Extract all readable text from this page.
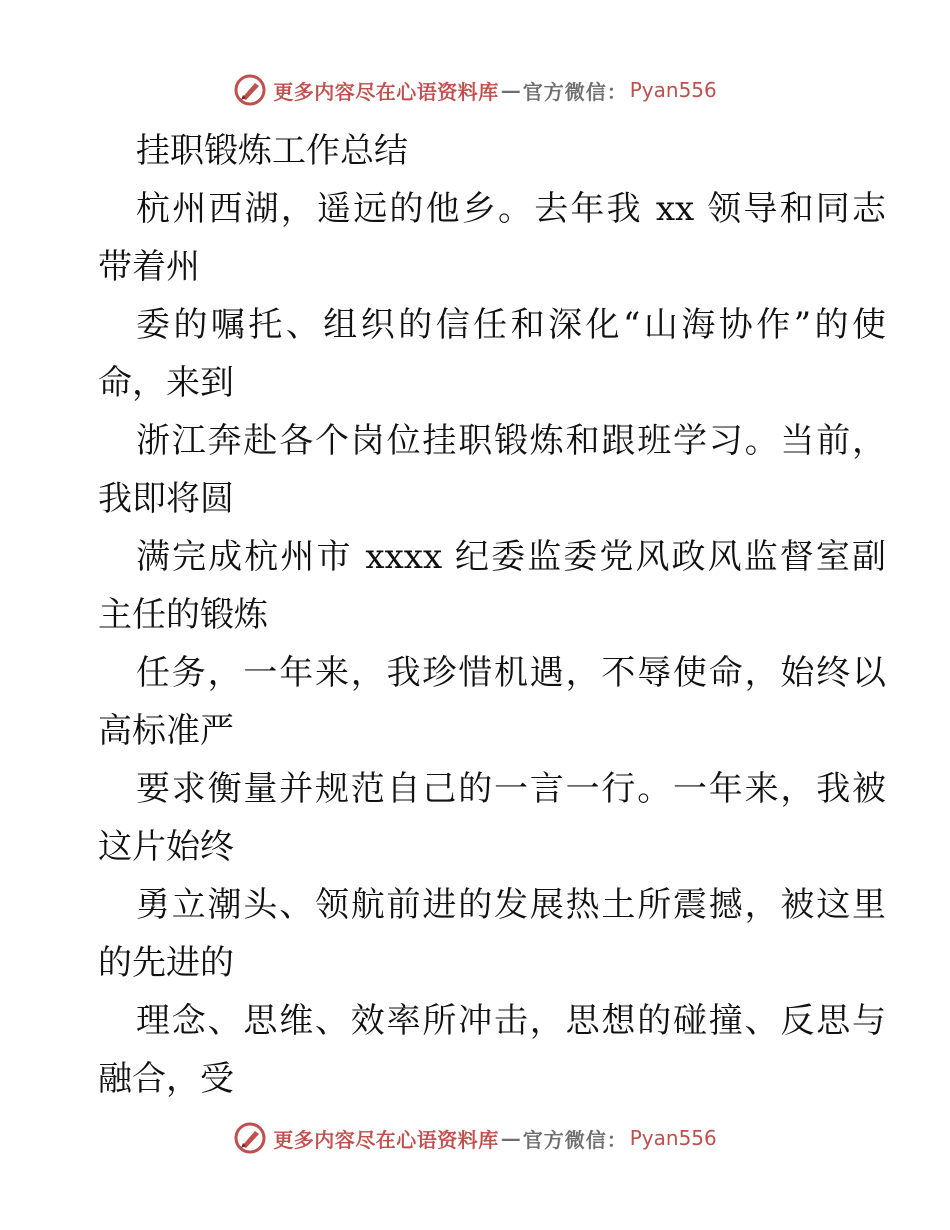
更多内容尽在心语资料库 — 官方微信： Pyan556
挂职锻炼工作总结
杭州西湖，遥远的他乡。去年我 xx 领导和同志
带着州
委的嘱托、组织的信任和深化“山海协作”的使
命，来到
浙江奔赴各个岗位挂职锻炼和跟班学习。当前，
我即将圆
满完成杭州市 xxxx 纪委监委党风政风监督室副
主任的锻炼
任务，一年来，我珍惜机遇，不辱使命，始终以
高标准严
要求衡量并规范自己的一言一行。一年来，我被
这片始终
勇立潮头、领航前进的发展热土所震撼，被这里
的先进的
理念、思维、效率所冲击，思想的碰撞、反思与
融合，受
更多内容尽在心语资料库 — 官方微信： Pyan556
